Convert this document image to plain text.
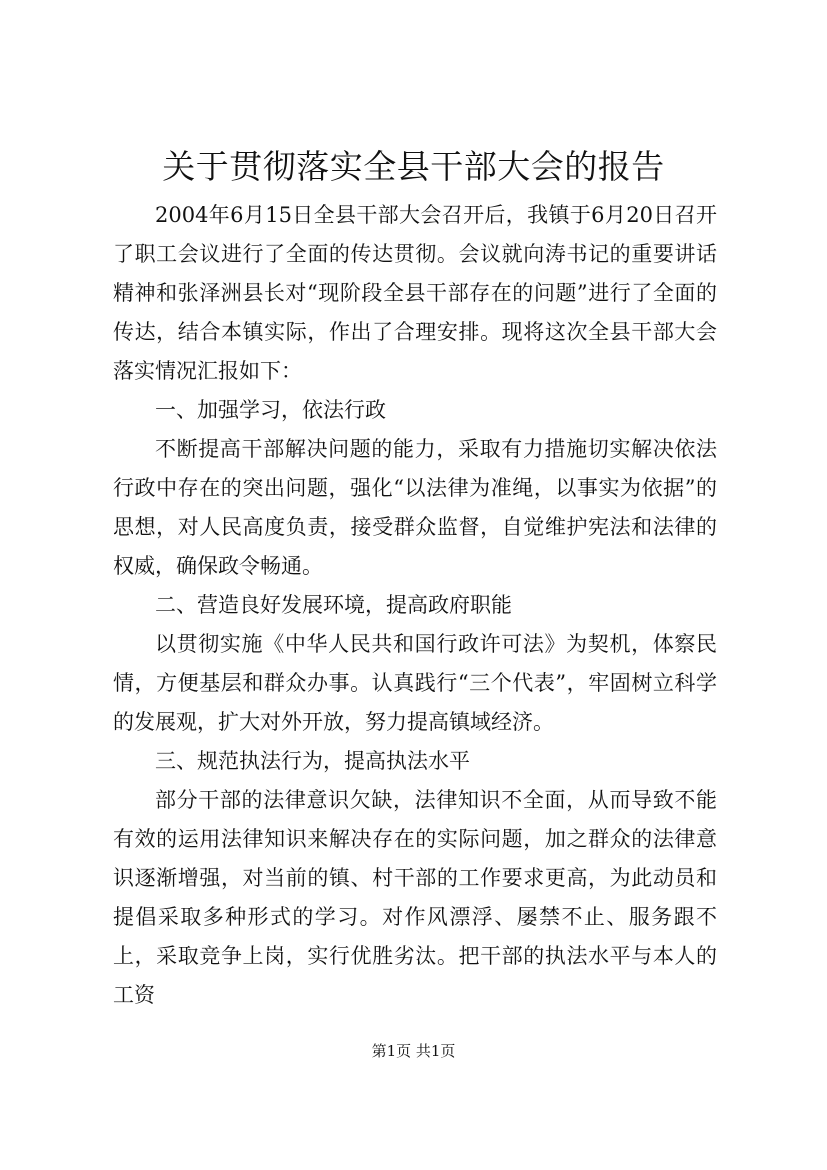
关于贯彻落实全县干部大会的报告

2004年6月15日全县干部大会召开后，我镇于6月20日召开了职工会议进行了全面的传达贯彻。会议就向涛书记的重要讲话精神和张泽洲县长对“现阶段全县干部存在的问题”进行了全面的传达，结合本镇实际，作出了合理安排。现将这次全县干部大会落实情况汇报如下：

一、加强学习，依法行政

不断提高干部解决问题的能力，采取有力措施切实解决依法行政中存在的突出问题，强化“以法律为准绳，以事实为依据”的思想，对人民高度负责，接受群众监督，自觉维护宪法和法律的权威，确保政令畅通。

二、营造良好发展环境，提高政府职能

以贯彻实施《中华人民共和国行政许可法》为契机，体察民情，方便基层和群众办事。认真践行“三个代表”，牢固树立科学的发展观，扩大对外开放，努力提高镇域经济。

三、规范执法行为，提高执法水平

部分干部的法律意识欠缺，法律知识不全面，从而导致不能有效的运用法律知识来解决存在的实际问题，加之群众的法律意识逐渐增强，对当前的镇、村干部的工作要求更高，为此动员和提倡采取多种形式的学习。对作风漂浮、屡禁不止、服务跟不上，采取竞争上岗，实行优胜劣汰。把干部的执法水平与本人的工资

第1页 共1页
